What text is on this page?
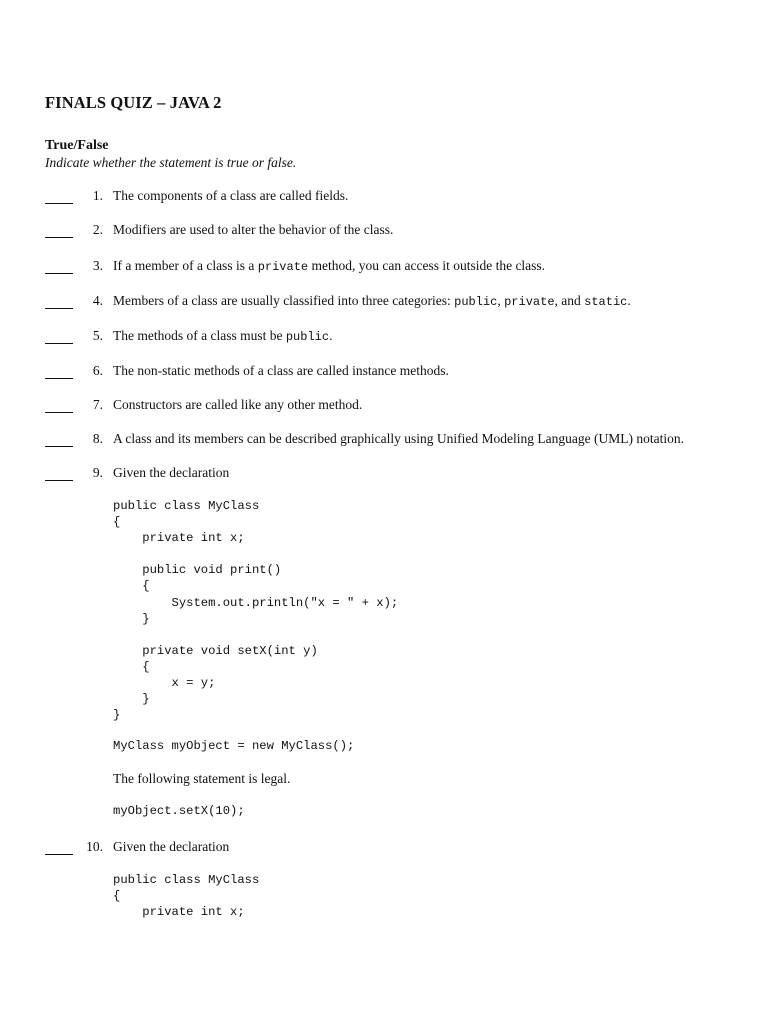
FINALS QUIZ – JAVA 2
True/False
Indicate whether the statement is true or false.
1. The components of a class are called fields.
2. Modifiers are used to alter the behavior of the class.
3. If a member of a class is a private method, you can access it outside the class.
4. Members of a class are usually classified into three categories: public, private, and static.
5. The methods of a class must be public.
6. The non-static methods of a class are called instance methods.
7. Constructors are called like any other method.
8. A class and its members can be described graphically using Unified Modeling Language (UML) notation.
9. Given the declaration
public class MyClass
{
private int x;

public void print()
{
System.out.println("x = " + x);
}

private void setX(int y)
{
x = y;
}
}
MyClass myObject = new MyClass();
The following statement is legal.
myObject.setX(10);
10. Given the declaration
public class MyClass
{
private int x;
